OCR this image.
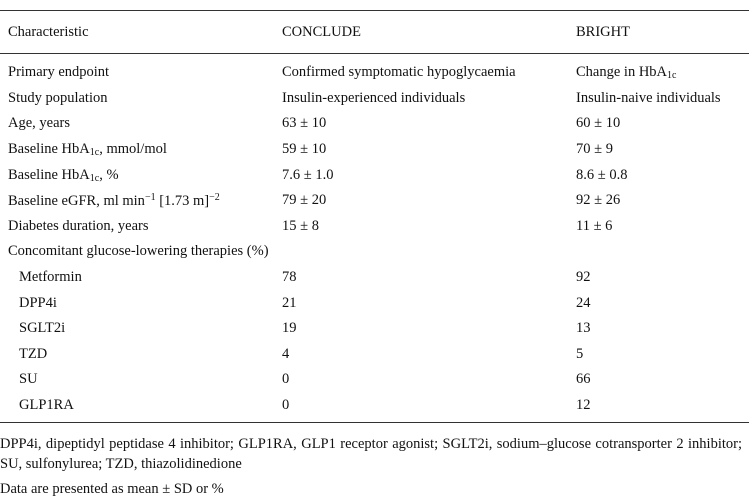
Characteristic	CONCLUDE	BRIGHT
Primary endpoint	Confirmed symptomatic hypoglycaemia	Change in HbA$_{1c}$
Study population	Insulin-experienced individuals	Insulin-naive individuals
Age, years	63 ± 10	60 ± 10
Baseline HbA$_{1c}$, mmol/mol	59 ± 10	70 ± 9
Baseline HbA$_{1c}$, %	7.6 ± 1.0	8.6 ± 0.8
Baseline eGFR, ml $\min^{-1} [1.73$ m]$^{-2}$	79 ± 20	92 ± 26
Diabetes duration, years	15 ± 8	11 ± 6
Concomitant glucose-lowering therapies (%)		
Metformin	78	92
DPP4i	21	24
SGLT2i	19	13
TZD	4	5
SU	0	66
GLP1RA	0	12
DPP4i, dipeptidyl peptidase 4 inhibitor; GLP1RA, GLP1 receptor agonist; SGLT2i, sodium–glucose cotransporter 2 inhibitor; SU, sulfonylurea; TZD, thiazolidinedione
Data are presented as mean ± SD or %
